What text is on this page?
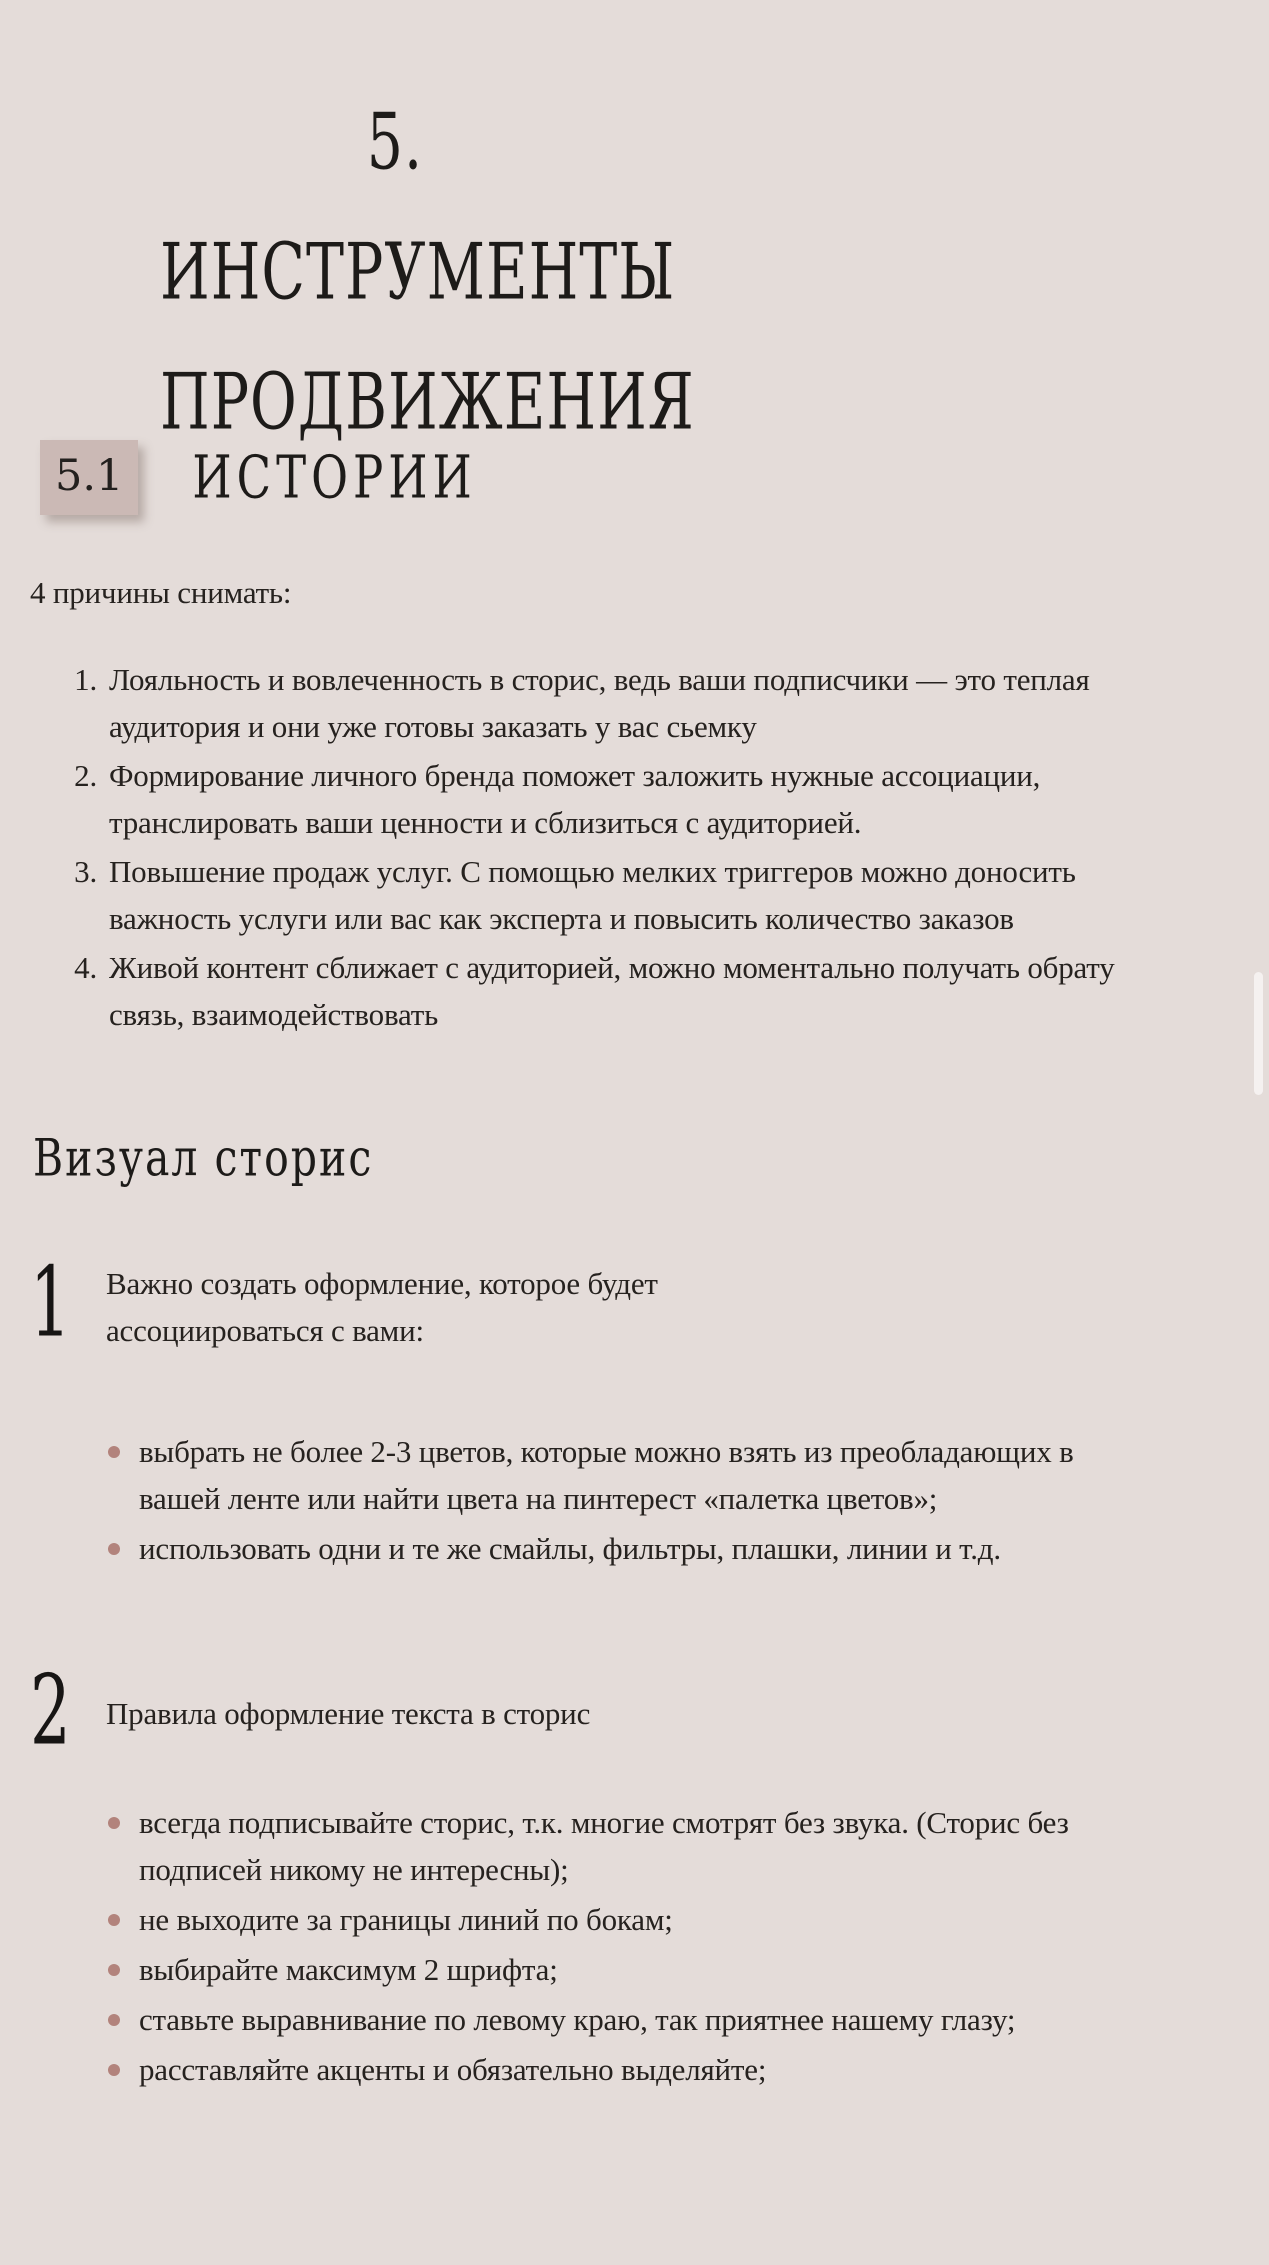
5. ИНСТРУМЕНТЫ
ПРОДВИЖЕНИЯ
5.1	ИСТОРИИ

4 причины снимать:

1. Лояльность и вовлеченность в сторис, ведь ваши подписчики — это теплая аудитория и они уже готовы заказать у вас сьемку
2. Формирование личного бренда поможет заложить нужные ассоциации, транслировать ваши ценности и сблизиться с аудиторией.
3. Повышение продаж услуг. С помощью мелких триггеров можно доносить важность услуги или вас как эксперта и повысить количество заказов
4. Живой контент сближает с аудиторией, можно моментально получать обрату связь, взаимодействовать
Визуал сторис
1 Важно создать оформление, которое будет ассоциироваться с вами:

выбрать не более 2-3 цветов, которые можно взять из преобладающих в вашей ленте или найти цвета на пинтерест «палетка цветов»;
использовать одни и те же смайлы, фильтры, плашки, линии и т.д.
2 Правила оформление текста в сторис

всегда подписывайте сторис, т.к. многие смотрят без звука. (Сторис без подписей никому не интересны);
не выходите за границы линий по бокам;
выбирайте максимум 2 шрифта;
ставьте выравнивание по левому краю, так приятнее нашему глазу;
расставляйте акценты и обязательно выделяйте;
